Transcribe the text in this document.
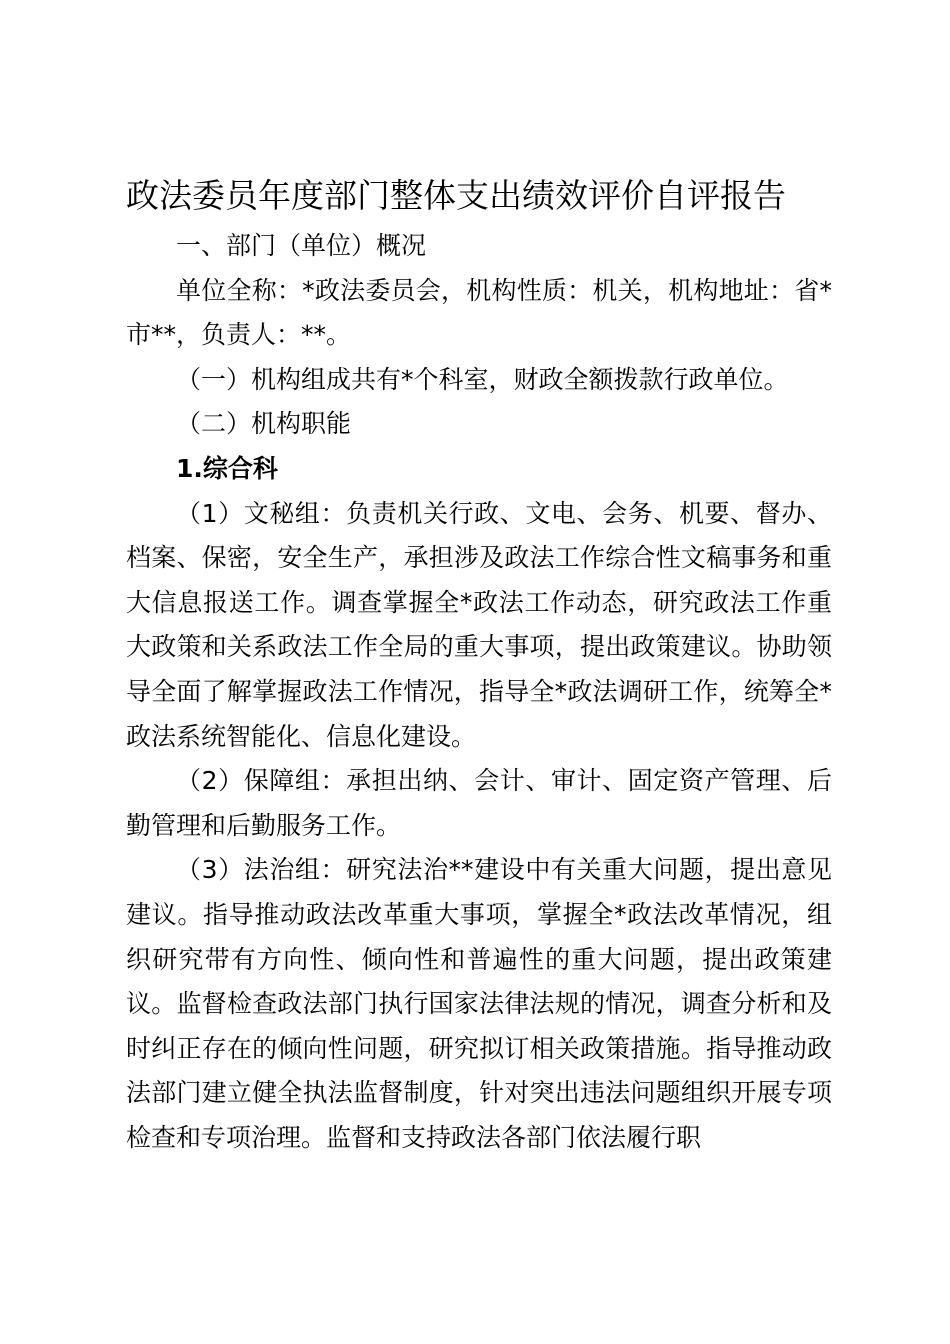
政法委员年度部门整体支出绩效评价自评报告

一、部门（单位）概况

单位全称：*政法委员会，机构性质：机关，机构地址：省*市**，负责人：**。

（一）机构组成共有*个科室，财政全额拨款行政单位。

（二）机构职能

1.综合科

（1）文秘组：负责机关行政、文电、会务、机要、督办、档案、保密，安全生产，承担涉及政法工作综合性文稿事务和重大信息报送工作。调查掌握全*政法工作动态，研究政法工作重大政策和关系政法工作全局的重大事项，提出政策建议。协助领导全面了解掌握政法工作情况，指导全*政法调研工作，统筹全*政法系统智能化、信息化建设。

（2）保障组：承担出纳、会计、审计、固定资产管理、后勤管理和后勤服务工作。

（3）法治组：研究法治**建设中有关重大问题，提出意见建议。指导推动政法改革重大事项，掌握全*政法改革情况，组织研究带有方向性、倾向性和普遍性的重大问题，提出政策建议。监督检查政法部门执行国家法律法规的情况，调查分析和及时纠正存在的倾向性问题，研究拟订相关政策措施。指导推动政法部门建立健全执法监督制度，针对突出违法问题组织开展专项检查和专项治理。监督和支持政法各部门依法履行职
